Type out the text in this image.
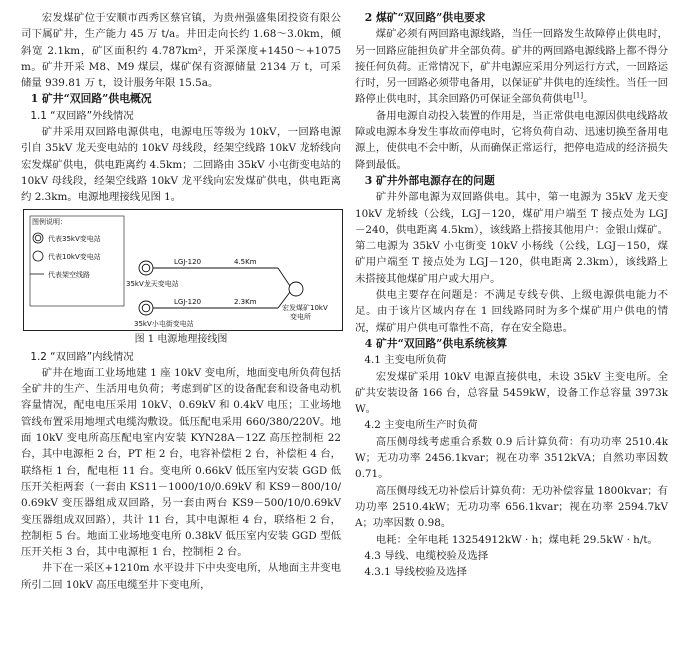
宏发煤矿位于安顺市西秀区蔡官镇，为贵州强盛集团投资有限公司下属矿井，生产能力 45 万 t/a。井田走向长约 1.68～3.0km，倾斜宽 2.1km，矿区面积约 4.787km²，开采深度+1450～+1075m。矿井开采 M8、M9 煤层，煤矿保有资源储量 2134 万 t，可采储量 939.81 万 t，设计服务年限 15.5a。

1 矿井“双回路”供电概况

1.1 “双回路”外线情况

矿井采用双回路电源供电，电源电压等级为 10kV，一回路电源引自 35kV 龙天变电站的 10kV 母线段，经架空线路 10kV 龙轿线向宏发煤矿供电，供电距离约 4.5km；二回路由 35kV 小屯街变电站的 10kV 母线段，经架空线路 10kV 龙平线向宏发煤矿供电，供电距离约 2.3km。电源地理接线见图 1。

图例说明：
代表35kV变电站
代表10kV变电站
代表架空线路
35kV龙天变电站
LGJ-120	4.5Km
35kV小屯街变电站
LGJ-120	2.3Km
宏发煤矿10kV
变电所

图 1 电源地理接线图

1.2 “双回路”内线情况

矿井在地面工业场地建 1 座 10kV 变电所，地面变电所负荷包括全矿井的生产、生活用电负荷；考虑到矿区的设备配套和设备电动机容量情况，配电电压采用 10kV、0.69kV 和 0.4kV 电压；工业场地管线布置采用地埋式电缆沟敷设。低压配电采用 660/380/220V。地面 10kV 变电所高压配电室内安装 KYN28A－12Z 高压控制柜 22 台，其中电源柜 2 台，PT 柜 2 台，电容补偿柜 2 台，补偿柜 4 台，联络柜 1 台，配电柜 11 台。变电所 0.66kV 低压室内安装 GGD 低压开关柜两套（一套由 KS11－1000/10/0.69kV 和 KS9－800/10/0.69kV 变压器组成双回路，另一套由两台 KS9－500/10/0.69kV 变压器组成双回路），共计 11 台，其中电源柜 4 台，联络柜 2 台，控制柜 5 台。地面工业场地变电所 0.38kV 低压室内安装 GGD 型低压开关柜 3 台，其中电源柜 1 台，控制柜 2 台。

井下在一采区+1210m 水平设井下中央变电所，从地面主井变电所引二回 10kV 高压电缆至井下变电所，

2 煤矿“双回路”供电要求

煤矿必须有两回路电源线路，当任一回路发生故障停止供电时，另一回路应能担负矿井全部负荷。矿井的两回路电源线路上都不得分接任何负荷。正常情况下，矿井电源应采用分列运行方式，一回路运行时，另一回路必须带电备用，以保证矿井供电的连续性。当任一回路停止供电时，其余回路仍可保证全部负荷供电[1]。

备用电源自动投入装置的作用是，当正常供电电源因供电线路故障或电源本身发生事故而停电时，它将负荷自动、迅速切换至备用电源上，使供电不会中断，从而确保正常运行，把停电造成的经济损失降到最低。

3 矿井外部电源存在的问题

矿井外部电源为双回路供电。其中，第一电源为 35kV 龙天变 10kV 龙轿线（公线，LGJ－120，煤矿用户端至 T 接点处为 LGJ－240，供电距离 4.5km），该线路上搭接其他用户：金银山煤矿。第二电源为 35kV 小屯街变 10kV 小杨线（公线，LGJ－150，煤矿用户端至 T 接点处为 LGJ－120，供电距离 2.3km），该线路上未搭接其他煤矿用户或大用户。

供电主要存在问题是：不满足专线专供、上级电源供电能力不足。由于该片区域内存在 1 回线路同时为多个煤矿用户供电的情况，煤矿用户供电可靠性不高，存在安全隐患。

4 矿井“双回路”供电系统核算

4.1 主变电所负荷

宏发煤矿采用 10kV 电源直接供电，未设 35kV 主变电所。全矿共安装设备 166 台，总容量 5459kW，设备工作总容量 3973kW。

4.2 主变电所生产时负荷

高压侧母线考虑重合系数 0.9 后计算负荷：有功功率 2510.4kW；无功功率 2456.1kvar；视在功率 3512kVA；自然功率因数 0.71。

高压侧母线无功补偿后计算负荷：无功补偿容量 1800kvar；有功功率 2510.4kW；无功功率 656.1kvar；视在功率 2594.7kVA；功率因数 0.98。

电耗：全年电耗 13254912kW · h；煤电耗 29.5kW · h/t。

4.3 导线、电缆校验及选择

4.3.1 导线校验及选择
